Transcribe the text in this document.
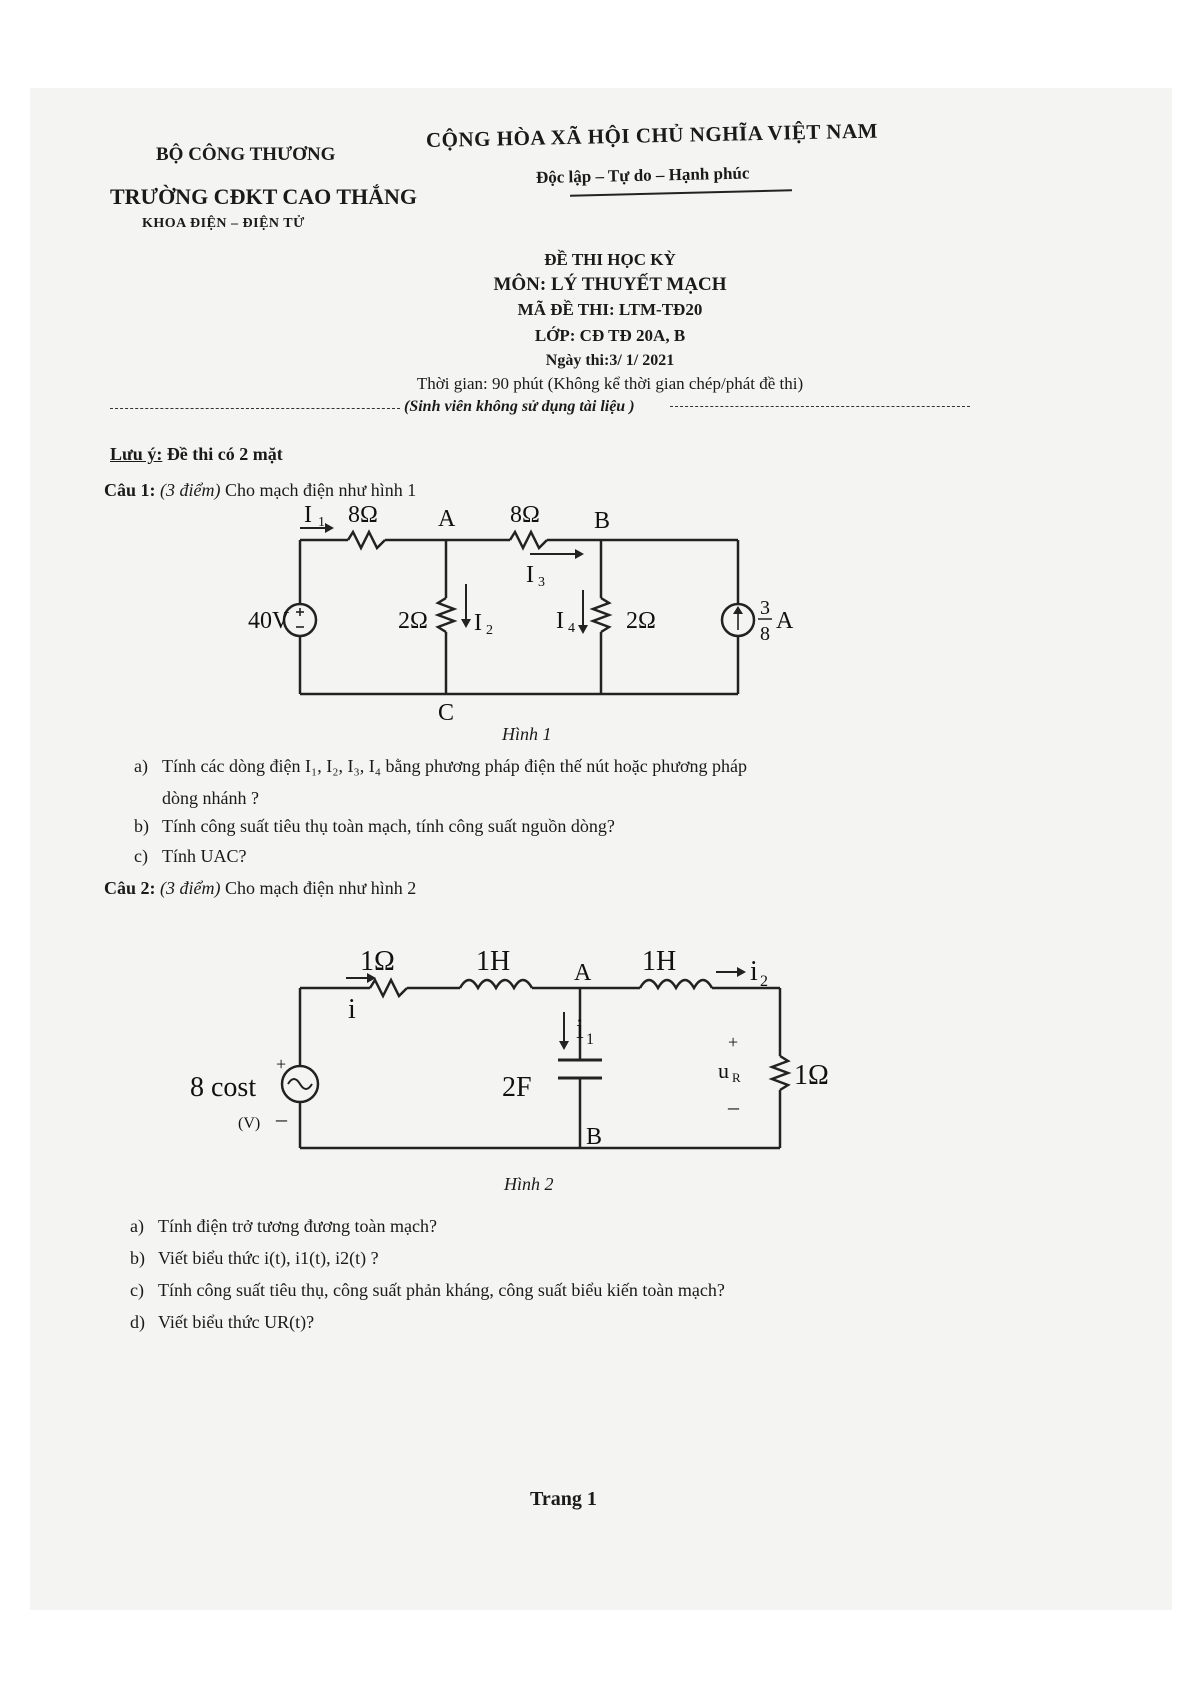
BỘ CÔNG THƯƠNG
TRƯỜNG CĐKT CAO THẮNG
KHOA ĐIỆN – ĐIỆN TỬ
CỘNG HÒA XÃ HỘI CHỦ NGHĨA VIỆT NAM
Độc lập – Tự do – Hạnh phúc
ĐỀ THI HỌC KỲ
MÔN: LÝ THUYẾT MẠCH
MÃ ĐỀ THI: LTM-TĐ20
LỚP: CĐ TĐ 20A, B
Ngày thi:3/ 1/ 2021
Thời gian: 90 phút (Không kể thời gian chép/phát đề thi)
(Sinh viên không sử dụng tài liệu )
Lưu ý: Đề thi có 2 mặt
Câu 1: (3 điểm) Cho mạch điện như hình 1
I 1 8Ω	A 8Ω B
I 3
40V	2Ω I 2	I 4 2Ω	3
8 A
C
Hình 1
a) Tính các dòng điện I₁, I₂, I₃, I₄ bằng phương pháp điện thế nút hoặc phương pháp
dòng nhánh ?
b) Tính công suất tiêu thụ toàn mạch, tính công suất nguồn dòng?
c) Tính UAC?
Câu 2: (3 điểm) Cho mạch điện như hình 2
1Ω	1H	1H	i 2
A
i
i 1
2F
8 cost
(V)
+
–
+
u R
–
1Ω
B
Hình 2
a) Tính điện trở tương đương toàn mạch?
b) Viết biểu thức i(t), i1(t), i2(t) ?
c) Tính công suất tiêu thụ, công suất phản kháng, công suất biểu kiến toàn mạch?
d) Viết biểu thức UR(t)?
Trang 1
